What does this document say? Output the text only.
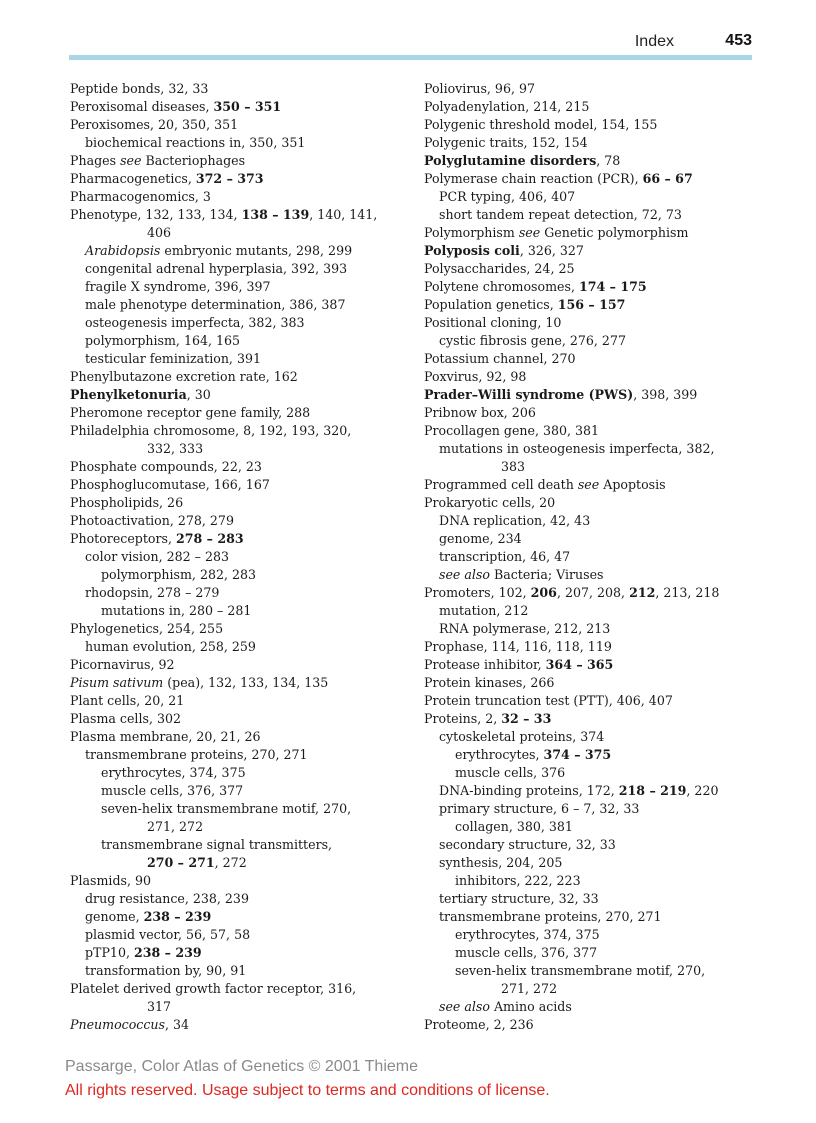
Index	453
Peptide bonds, 32, 33
Peroxisomal diseases, 350 – 351
Peroxisomes, 20, 350, 351
biochemical reactions in, 350, 351
Phages see Bacteriophages
Pharmacogenetics, 372 – 373
Pharmacogenomics, 3
Phenotype, 132, 133, 134, 138 – 139, 140, 141,
406
Arabidopsis embryonic mutants, 298, 299
congenital adrenal hyperplasia, 392, 393
fragile X syndrome, 396, 397
male phenotype determination, 386, 387
osteogenesis imperfecta, 382, 383
polymorphism, 164, 165
testicular feminization, 391
Phenylbutazone excretion rate, 162
Phenylketonuria, 30
Pheromone receptor gene family, 288
Philadelphia chromosome, 8, 192, 193, 320,
332, 333
Phosphate compounds, 22, 23
Phosphoglucomutase, 166, 167
Phospholipids, 26
Photoactivation, 278, 279
Photoreceptors, 278 – 283
color vision, 282 – 283
polymorphism, 282, 283
rhodopsin, 278 – 279
mutations in, 280 – 281
Phylogenetics, 254, 255
human evolution, 258, 259
Picornavirus, 92
Pisum sativum (pea), 132, 133, 134, 135
Plant cells, 20, 21
Plasma cells, 302
Plasma membrane, 20, 21, 26
transmembrane proteins, 270, 271
erythrocytes, 374, 375
muscle cells, 376, 377
seven-helix transmembrane motif, 270,
271, 272
transmembrane signal transmitters,
270 – 271, 272
Plasmids, 90
drug resistance, 238, 239
genome, 238 – 239
plasmid vector, 56, 57, 58
pTP10, 238 – 239
transformation by, 90, 91
Platelet derived growth factor receptor, 316,
317
Pneumococcus, 34
Poliovirus, 96, 97
Polyadenylation, 214, 215
Polygenic threshold model, 154, 155
Polygenic traits, 152, 154
Polyglutamine disorders, 78
Polymerase chain reaction (PCR), 66 – 67
PCR typing, 406, 407
short tandem repeat detection, 72, 73
Polymorphism see Genetic polymorphism
Polyposis coli, 326, 327
Polysaccharides, 24, 25
Polytene chromosomes, 174 – 175
Population genetics, 156 – 157
Positional cloning, 10
cystic fibrosis gene, 276, 277
Potassium channel, 270
Poxvirus, 92, 98
Prader–Willi syndrome (PWS), 398, 399
Pribnow box, 206
Procollagen gene, 380, 381
mutations in osteogenesis imperfecta, 382,
383
Programmed cell death see Apoptosis
Prokaryotic cells, 20
DNA replication, 42, 43
genome, 234
transcription, 46, 47
see also Bacteria; Viruses
Promoters, 102, 206, 207, 208, 212, 213, 218
mutation, 212
RNA polymerase, 212, 213
Prophase, 114, 116, 118, 119
Protease inhibitor, 364 – 365
Protein kinases, 266
Protein truncation test (PTT), 406, 407
Proteins, 2, 32 – 33
cytoskeletal proteins, 374
erythrocytes, 374 – 375
muscle cells, 376
DNA-binding proteins, 172, 218 – 219, 220
primary structure, 6 – 7, 32, 33
collagen, 380, 381
secondary structure, 32, 33
synthesis, 204, 205
inhibitors, 222, 223
tertiary structure, 32, 33
transmembrane proteins, 270, 271
erythrocytes, 374, 375
muscle cells, 376, 377
seven-helix transmembrane motif, 270,
271, 272
see also Amino acids
Proteome, 2, 236
Passarge, Color Atlas of Genetics © 2001 Thieme
All rights reserved. Usage subject to terms and conditions of license.
